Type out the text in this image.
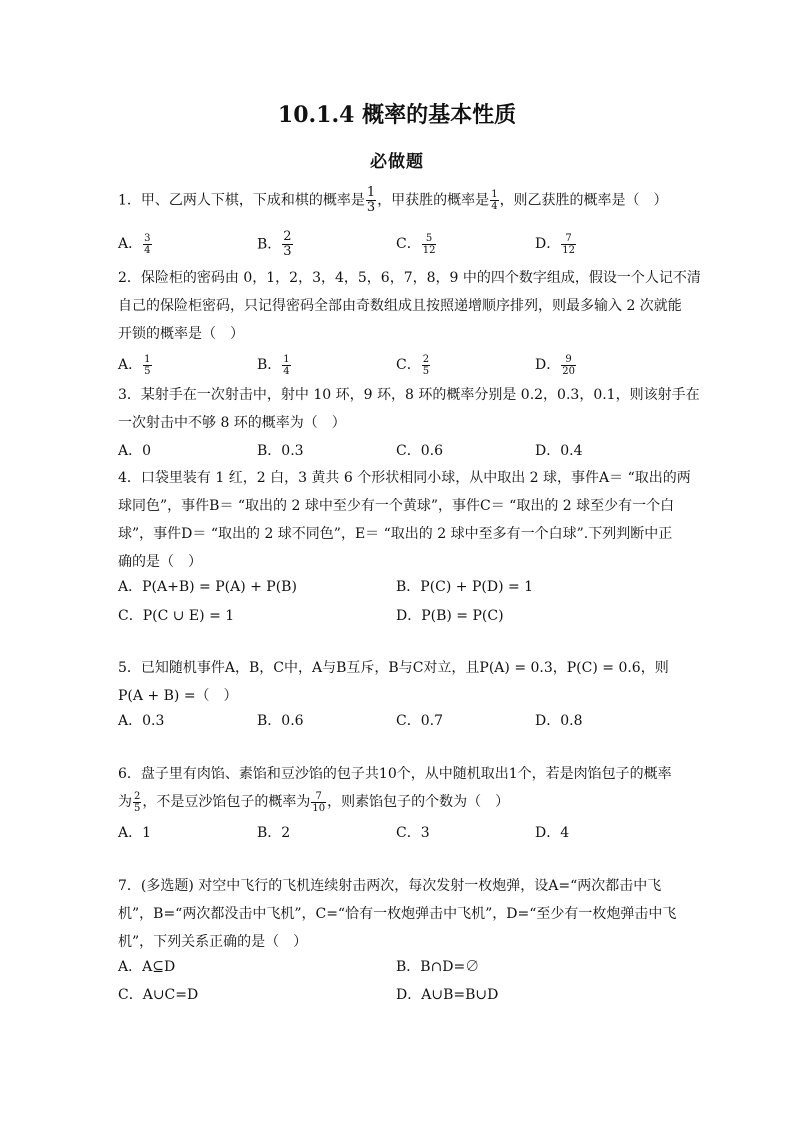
10.1.4 概率的基本性质
必做题
1．甲、乙两人下棋，下成和棋的概率是 $\frac{1}{3}$ ，甲获胜的概率是 $\frac{1}{4}$ ，则乙获胜的概率是（　）
A． $\frac{3}{4}$	B． $\frac{2}{3}$	C． $\frac{5}{12}$	D． $\frac{7}{12}$
2．保险柜的密码由 0，1，2，3，4，5，6，7，8，9 中的四个数字组成，假设一个人记不清
自己的保险柜密码，只记得密码全部由奇数组成且按照递增顺序排列，则最多输入 2 次就能
开锁的概率是（　）
A． $\frac{1}{5}$	B． $\frac{1}{4}$	C． $\frac{2}{5}$	D． $\frac{9}{20}$
3．某射手在一次射击中，射中 10 环，9 环，8 环的概率分别是 0.2，0.3，0.1，则该射手在
一次射击中不够 8 环的概率为（　）
A．0	B．0.3	C．0.6	D．0.4
4．口袋里装有 1 红，2 白，3 黄共 6 个形状相同小球，从中取出 2 球，事件A＝ “取出的两
球同色”，事件B＝ “取出的 2 球中至少有一个黄球”，事件C＝ “取出的 2 球至少有一个白
球”，事件D＝ “取出的 2 球不同色”，E＝ “取出的 2 球中至多有一个白球”.下列判断中正
确的是（　）
A．P(A+B) = P(A) + P(B)	B．P(C) + P(D) = 1
C．P(C ∪ E) = 1	D．P(B) = P(C)
5．已知随机事件A，B，C中，A与B互斥，B与C对立，且P(A) = 0.3，P(C) = 0.6，则
P(A + B) =（　）
A．0.3	B．0.6	C．0.7	D．0.8
6．盘子里有肉馅、素馅和豆沙馅的包子共10个，从中随机取出1个，若是肉馅包子的概率
为 $\frac{2}{5}$ ，不是豆沙馅包子的概率为 $\frac{7}{10}$ ，则素馅包子的个数为（　）
A．1	B．2	C．3	D．4
7．(多选题) 对空中飞行的飞机连续射击两次，每次发射一枚炮弹，设A=“两次都击中飞
机”，B=“两次都没击中飞机”，C=“恰有一枚炮弹击中飞机”，D=“至少有一枚炮弹击中飞
机”，下列关系正确的是（　）
A．A⊆D	B．B∩D=∅
C．A∪C=D	D．A∪B=B∪D
